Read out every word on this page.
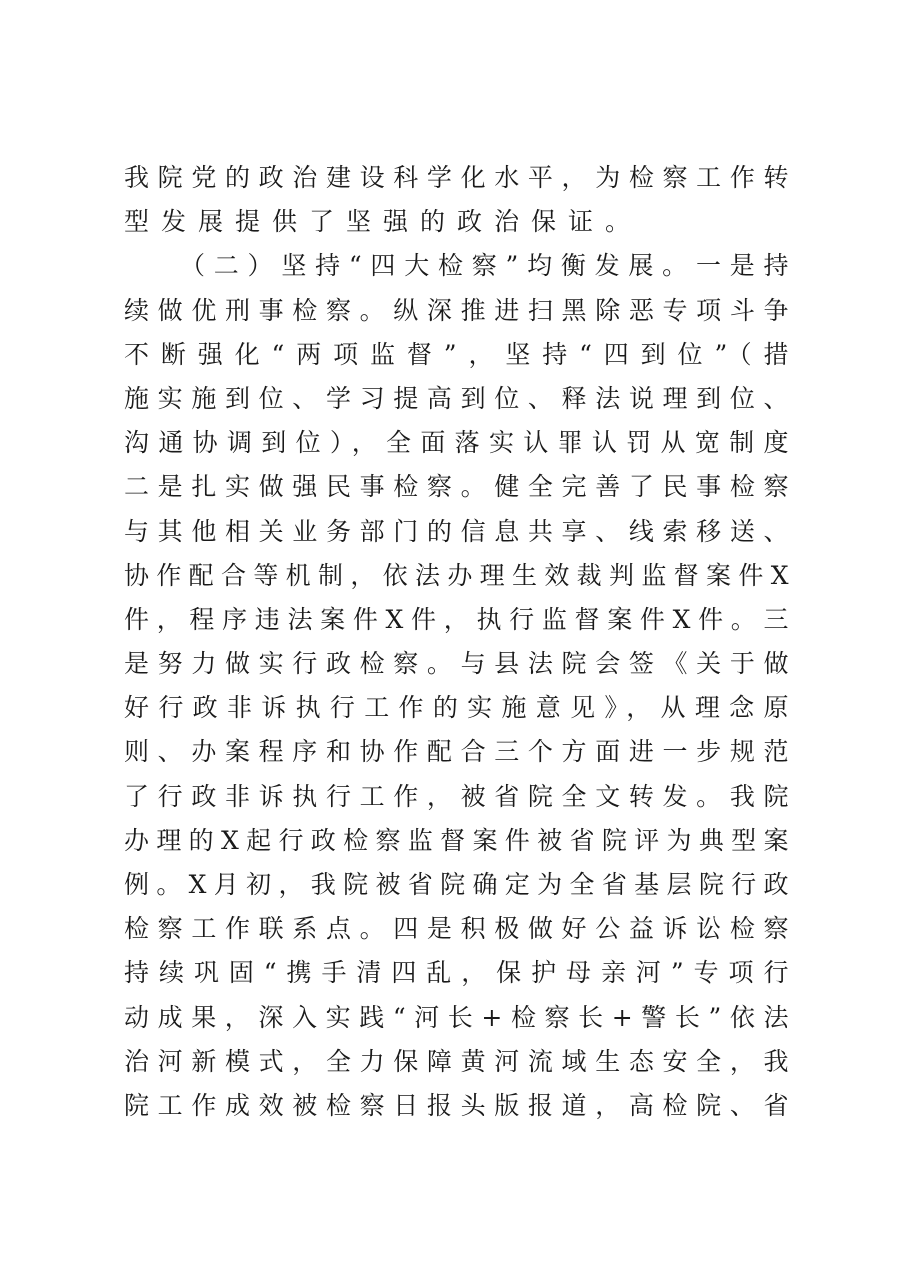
我院党的政治建设科学化水平，为检察工作转
型发展提供了坚强的政治保证。
（二）坚持“四大检察”均衡发展。一是持
续做优刑事检察。纵深推进扫黑除恶专项斗争
不断强化“两项监督”，坚持“四到位”（措
施实施到位、学习提高到位、释法说理到位、
沟通协调到位），全面落实认罪认罚从宽制度
二是扎实做强民事检察。健全完善了民事检察
与其他相关业务部门的信息共享、线索移送、
协作配合等机制，依法办理生效裁判监督案件X
件，程序违法案件X件，执行监督案件X件。三
是努力做实行政检察。与县法院会签《关于做
好行政非诉执行工作的实施意见》，从理念原
则、办案程序和协作配合三个方面进一步规范
了行政非诉执行工作，被省院全文转发。我院
办理的X起行政检察监督案件被省院评为典型案
例。X月初，我院被省院确定为全省基层院行政
检察工作联系点。四是积极做好公益诉讼检察
持续巩固“携手清四乱，保护母亲河”专项行
动成果，深入实践“河长+检察长+警长”依法
治河新模式，全力保障黄河流域生态安全，我
院工作成效被检察日报头版报道，高检院、省
